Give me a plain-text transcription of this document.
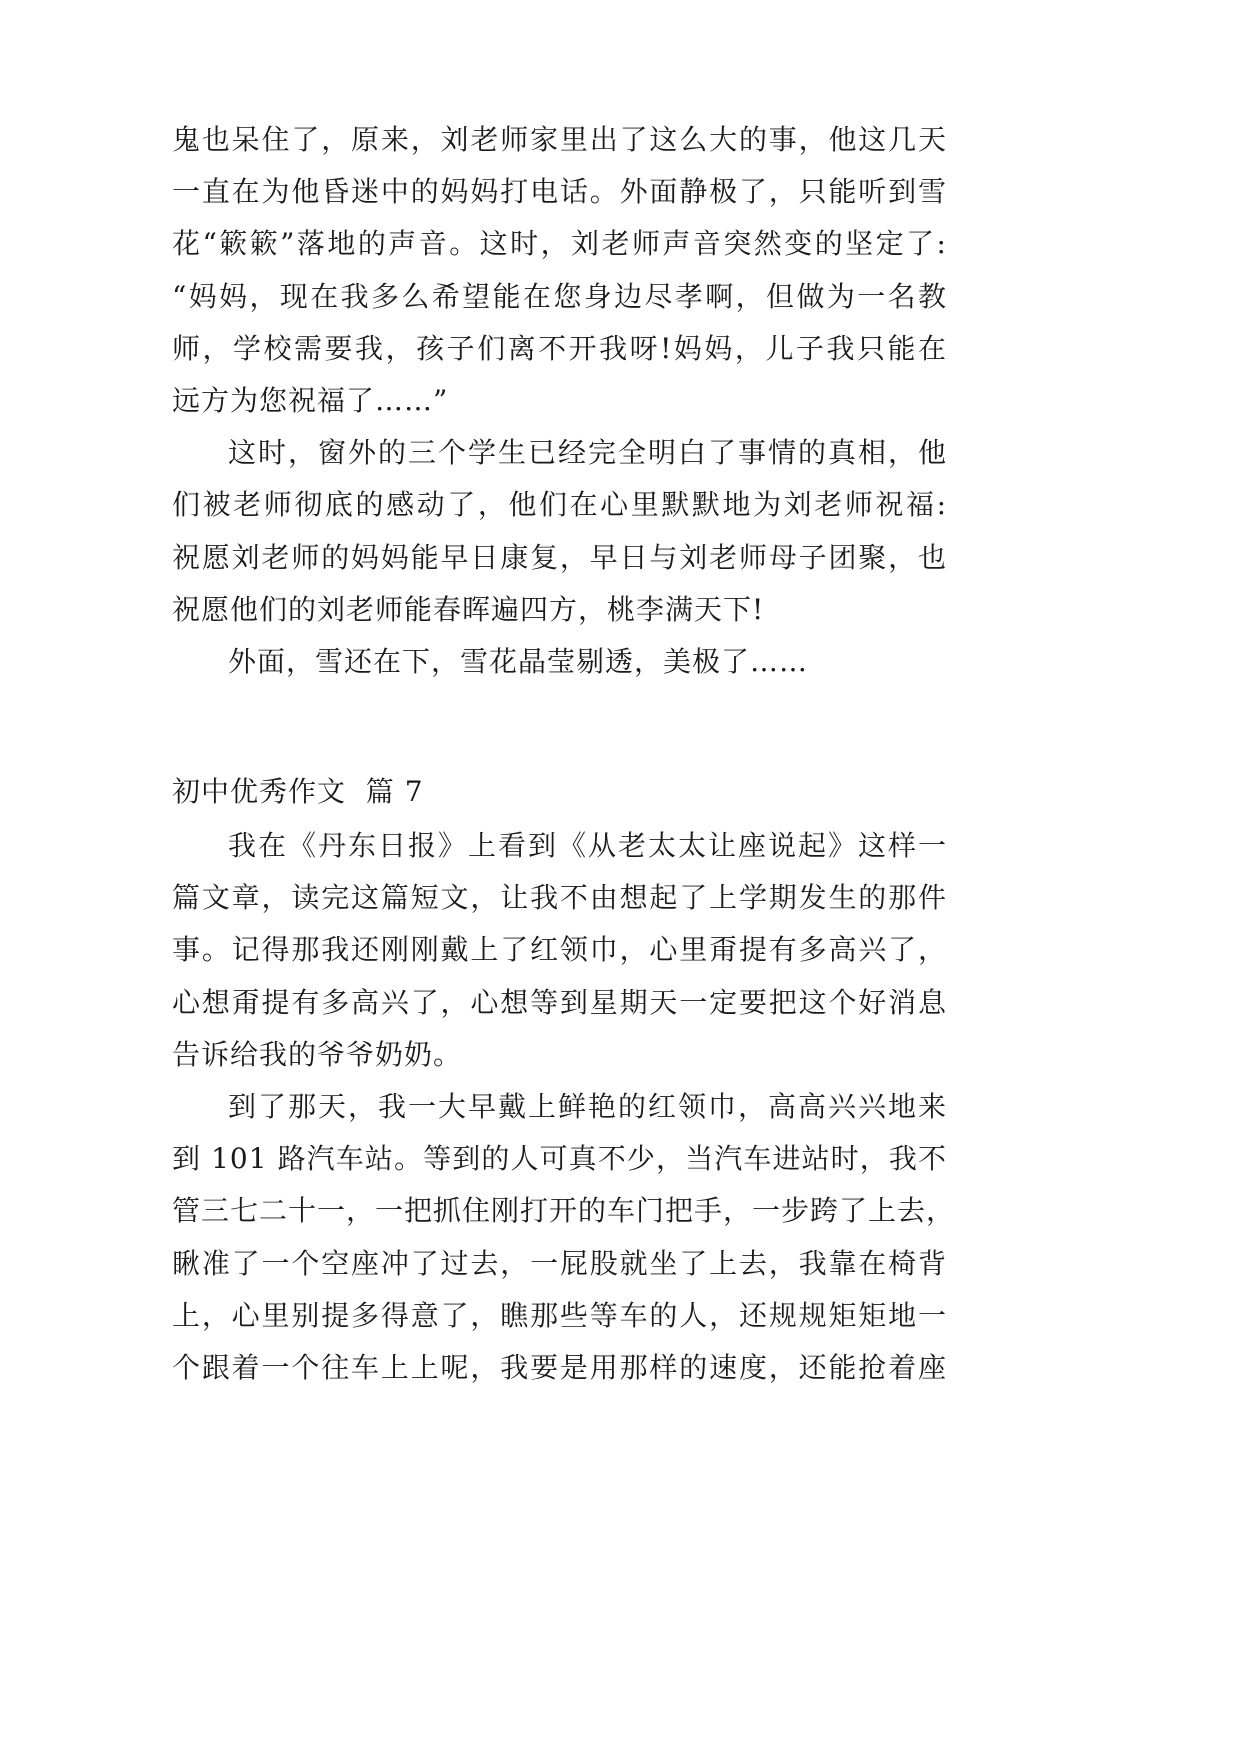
鬼也呆住了，原来，刘老师家里出了这么大的事，他这几天
一直在为他昏迷中的妈妈打电话。外面静极了，只能听到雪
花“簌簌”落地的声音。这时，刘老师声音突然变的坚定了:
“妈妈，现在我多么希望能在您身边尽孝啊，但做为一名教
师，学校需要我，孩子们离不开我呀!妈妈，儿子我只能在
远方为您祝福了……”
这时，窗外的三个学生已经完全明白了事情的真相，他
们被老师彻底的感动了，他们在心里默默地为刘老师祝福:
祝愿刘老师的妈妈能早日康复，早日与刘老师母子团聚，也
祝愿他们的刘老师能春晖遍四方，桃李满天下!
外面，雪还在下，雪花晶莹剔透，美极了……
初中优秀作文  篇 7
我在《丹东日报》上看到《从老太太让座说起》这样一
篇文章，读完这篇短文，让我不由想起了上学期发生的那件
事。记得那我还刚刚戴上了红领巾，心里甭提有多高兴了，
心想甭提有多高兴了，心想等到星期天一定要把这个好消息
告诉给我的爷爷奶奶。
到了那天，我一大早戴上鲜艳的红领巾，高高兴兴地来
到 101 路汽车站。等到的人可真不少，当汽车进站时，我不
管三七二十一，一把抓住刚打开的车门把手，一步跨了上去，
瞅准了一个空座冲了过去，一屁股就坐了上去，我靠在椅背
上，心里别提多得意了，瞧那些等车的人，还规规矩矩地一
个跟着一个往车上上呢，我要是用那样的速度，还能抢着座
